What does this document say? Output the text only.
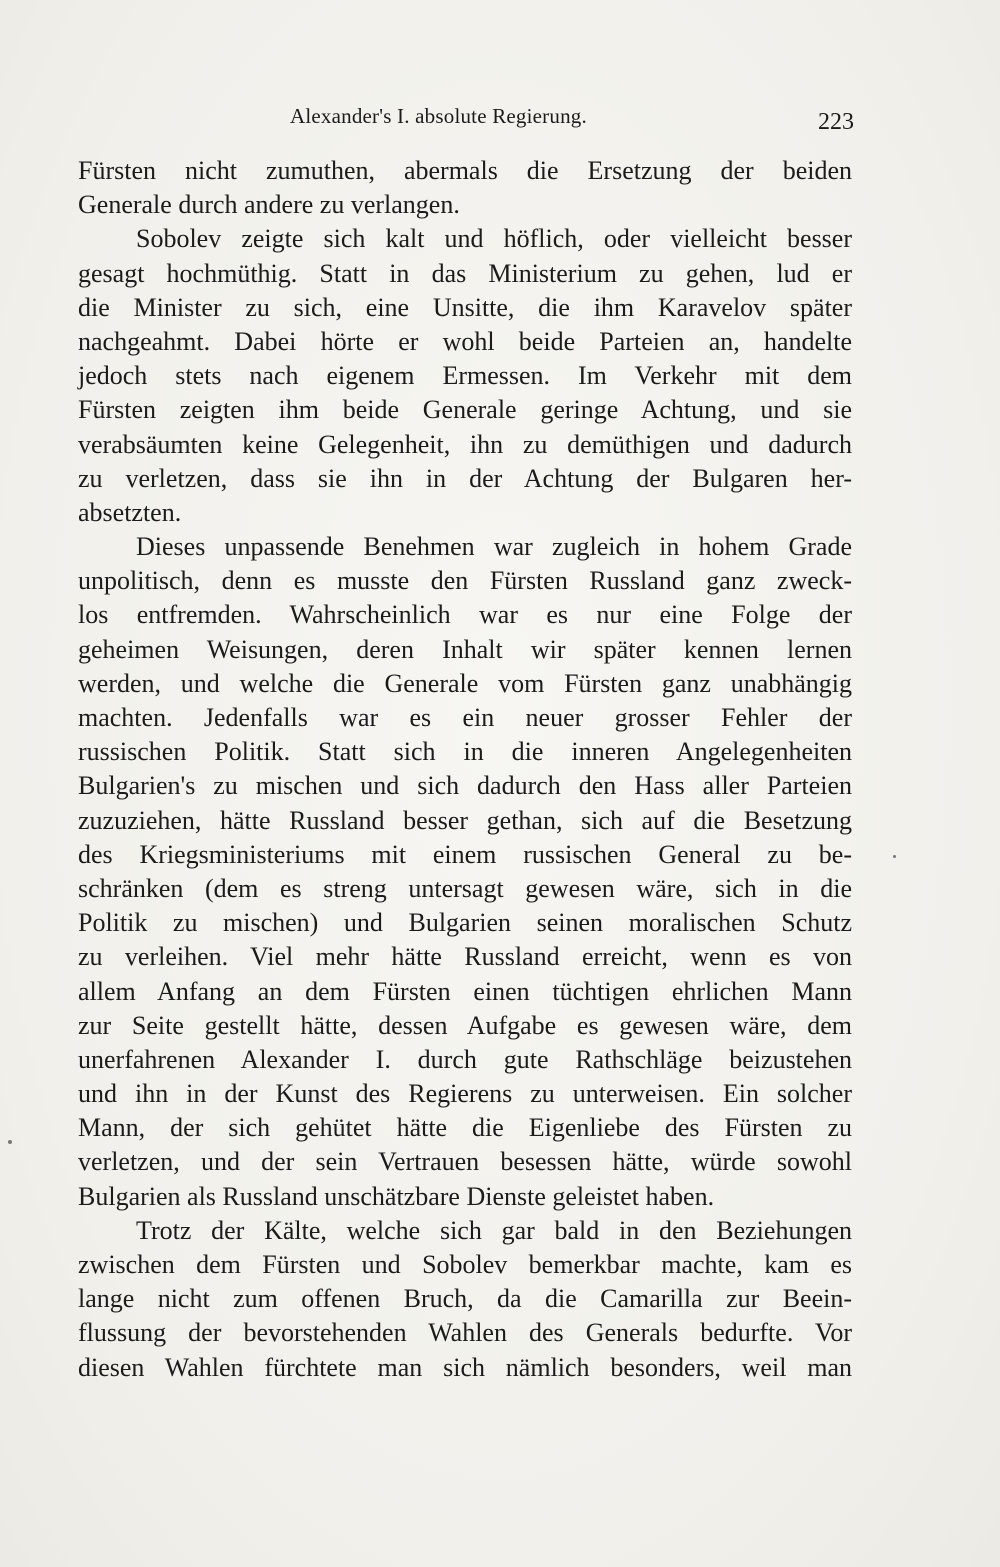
Alexander's I. absolute Regierung.	223
Fürsten nicht zumuthen, abermals die Ersetzung der beiden
Generale durch andere zu verlangen.
Sobolev zeigte sich kalt und höflich, oder vielleicht besser
gesagt hochmüthig. Statt in das Ministerium zu gehen, lud er
die Minister zu sich, eine Unsitte, die ihm Karavelov später
nachgeahmt. Dabei hörte er wohl beide Parteien an, handelte
jedoch stets nach eigenem Ermessen. Im Verkehr mit dem
Fürsten zeigten ihm beide Generale geringe Achtung, und sie
verabsäumten keine Gelegenheit, ihn zu demüthigen und dadurch
zu verletzen, dass sie ihn in der Achtung der Bulgaren her-
absetzten.
Dieses unpassende Benehmen war zugleich in hohem Grade
unpolitisch, denn es musste den Fürsten Russland ganz zweck-
los entfremden. Wahrscheinlich war es nur eine Folge der
geheimen Weisungen, deren Inhalt wir später kennen lernen
werden, und welche die Generale vom Fürsten ganz unabhängig
machten. Jedenfalls war es ein neuer grosser Fehler der
russischen Politik. Statt sich in die inneren Angelegenheiten
Bulgarien's zu mischen und sich dadurch den Hass aller Parteien
zuzuziehen, hätte Russland besser gethan, sich auf die Besetzung
des Kriegsministeriums mit einem russischen General zu be-
schränken (dem es streng untersagt gewesen wäre, sich in die
Politik zu mischen) und Bulgarien seinen moralischen Schutz
zu verleihen. Viel mehr hätte Russland erreicht, wenn es von
allem Anfang an dem Fürsten einen tüchtigen ehrlichen Mann
zur Seite gestellt hätte, dessen Aufgabe es gewesen wäre, dem
unerfahrenen Alexander I. durch gute Rathschläge beizustehen
und ihn in der Kunst des Regierens zu unterweisen. Ein solcher
Mann, der sich gehütet hätte die Eigenliebe des Fürsten zu
verletzen, und der sein Vertrauen besessen hätte, würde sowohl
Bulgarien als Russland unschätzbare Dienste geleistet haben.
Trotz der Kälte, welche sich gar bald in den Beziehungen
zwischen dem Fürsten und Sobolev bemerkbar machte, kam es
lange nicht zum offenen Bruch, da die Camarilla zur Beein-
flussung der bevorstehenden Wahlen des Generals bedurfte. Vor
diesen Wahlen fürchtete man sich nämlich besonders, weil man
